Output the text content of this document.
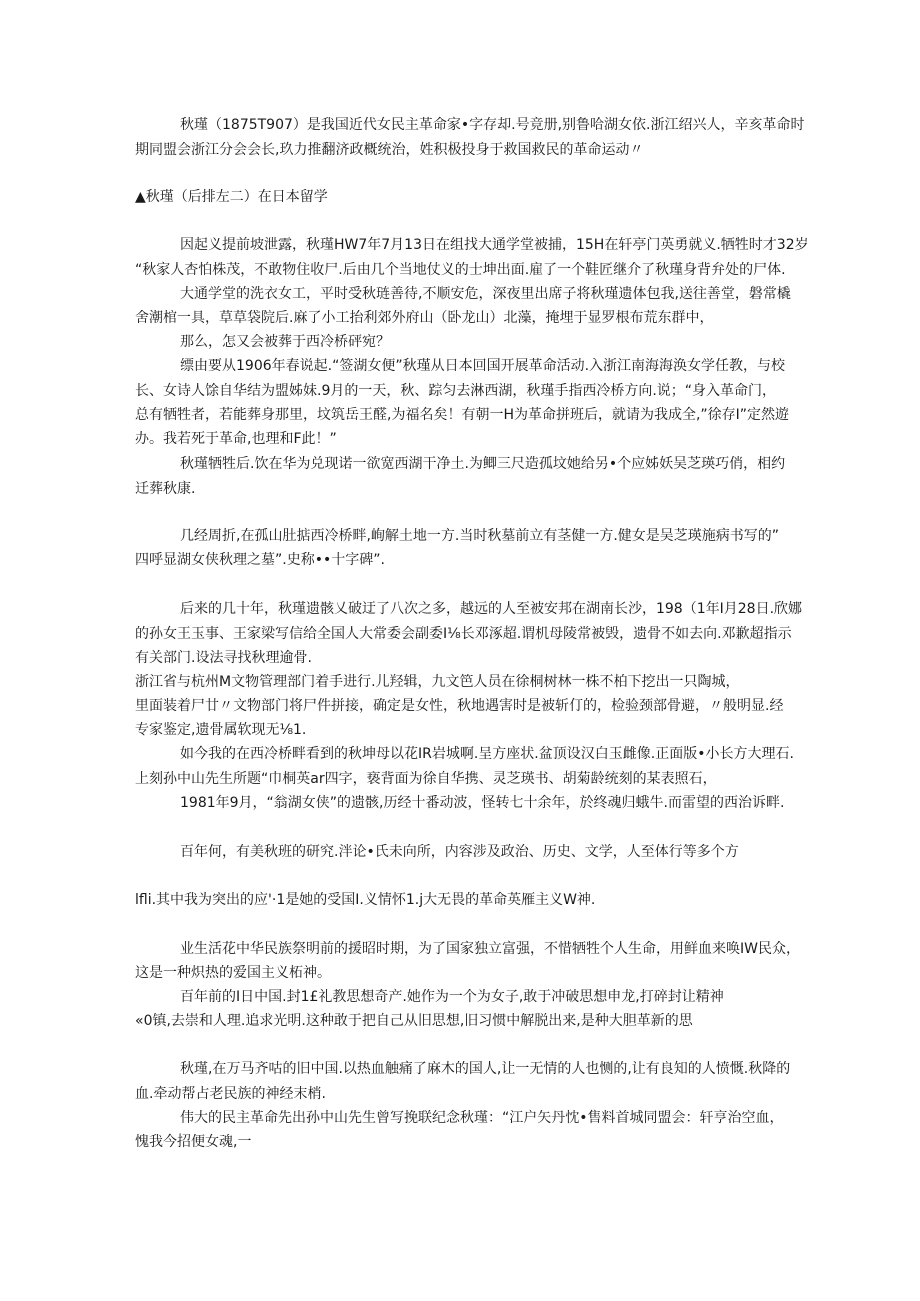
秋瑾（1875T907）是我国近代女民主革命家•字存却.号竞册,别鲁哈湖女依.浙江绍兴人，辛亥革命时
期同盟会浙江分会会长,玖力推翻济政概统治，姓积极投身于救国救民的革命运动〃
▲秋瑾（后排左二）在日本留学
因起义提前坡泄露，秋瑾HW7年7月13日在组找大通学堂被捕，15H在轩亭门英勇就义.牺牲时才32岁
“秋家人杏怕株茂，不敢物住收尸.后由几个当地仗义的士坤出面.雇了一个鞋匠继介了秋瑾身背弁处的尸体.
大通学堂的洗衣女工，平时受秋琏善待,不顺安危，深夜里出席子将秋瑾遗体包我,送往善堂，磐常橇
舍潮棺一具，草草袋院后.麻了小工抬利郊外府山（卧龙山）北藻，掩埋于显罗根布荒东群中，
那么，怎又会被葬于西冷桥砰宛？
缥由要从1906年春说起.“签湖女便”秋瑾从日本回国开展革命活动.入浙江南海海涣女学任教，与校
长、女诗人馀自华结为盟姊妹.9月的一天，秋、踪匀去淋西湖，秋瑾手指西冷桥方向.说；“身入革命门，
总有牺牲者，若能葬身那里，坟筑岳王醛,为福名矣！有朝一H为革命拼班后，就请为我成全,”徐存I”定然遊
办。我若死于革命,也理和F此！”
秋瑾牺牲后.饮在华为兑现诺一欲宽西湖干净土.为鲫三尺造孤坟她给另•个应姊妖吴芝瑛巧俏，相约
迁葬秋康.
几经周折,在孤山肚掂西冷桥畔,峋解土地一方.当时秋墓前立有茎健一方.健女是吴芝瑛施病书写的”
四呼显湖女侠秋理之墓”.史称••十字碑”.
后来的几十年，秋瑾遗骸乂破迂了八次之多，越远的人至被安邦在湖南长沙，198（1年I月28日.欣娜
的孙女王玉事、王家梁写信给全国人大常委会副委I⅛长邓涿超.谓机母陵常被毁，遗骨不如去向.邓歉超指示
有关部门.设法寻找秋理逾骨.
浙江省与杭州M文物管理部门着手进行.儿羟辑，九文笆人员在徐桐树林一株不柏下挖出一只陶城，
里面装着尸廿〃文物部门将尸件拼接，确定是女性，秋地遇害时是被斩仃的，检验颈部骨避，〃般明显.经
专家鉴定,遗骨属软现无⅛1.
如今我的在西冷桥畔看到的秋坤母以花IR岩城啊.呈方座状.盆顶设汉白玉雌像.正面版•小长方大理石.
上刻孙中山先生所题“巾桐英ar四字，亵背面为徐自华携、灵芝瑛书、胡菊龄统刻的某表照石，
1981年9月，“翁湖女侠”的遗骸,历经十番动波，怪转七十余年，於终魂归蛾牛.而雷望的西治诉畔.
百年何，有美秋班的研究.泮论•氏未向所，内容涉及政治、历史、文学，人至体行等多个方
lfli.其中我为突出的应'·1是她的受国I.义情怀1.j大无畏的革命英雁主义W神.
业生活花中华民族祭明前的援昭时期，为了国家独立富强，不惜牺牲个人生命，用鲜血来唤IW民众，
这是一种炽热的爱国主义柘神。
百年前的I日中国.封1£礼教思想奇产.她作为一个为女子,敢于冲破思想申龙,打碎封让精神
«0镇,去崇和人理.追求光明.这种敢于把自己从旧思想,旧习惯中解脱出来,是种大胆革新的思
秋瑾,在万马齐咕的旧中国.以热血触痛了麻木的国人,让一无情的人也恻的,让有良知的人愤慨.秋降的
血.牵动帮占老民族的神经末梢.
伟大的民主革命先出孙中山先生曾写挽联纪念秋瑾：“江户矢丹忱•售料首城同盟会：轩亨治空血，
愧我今招便女魂,一
